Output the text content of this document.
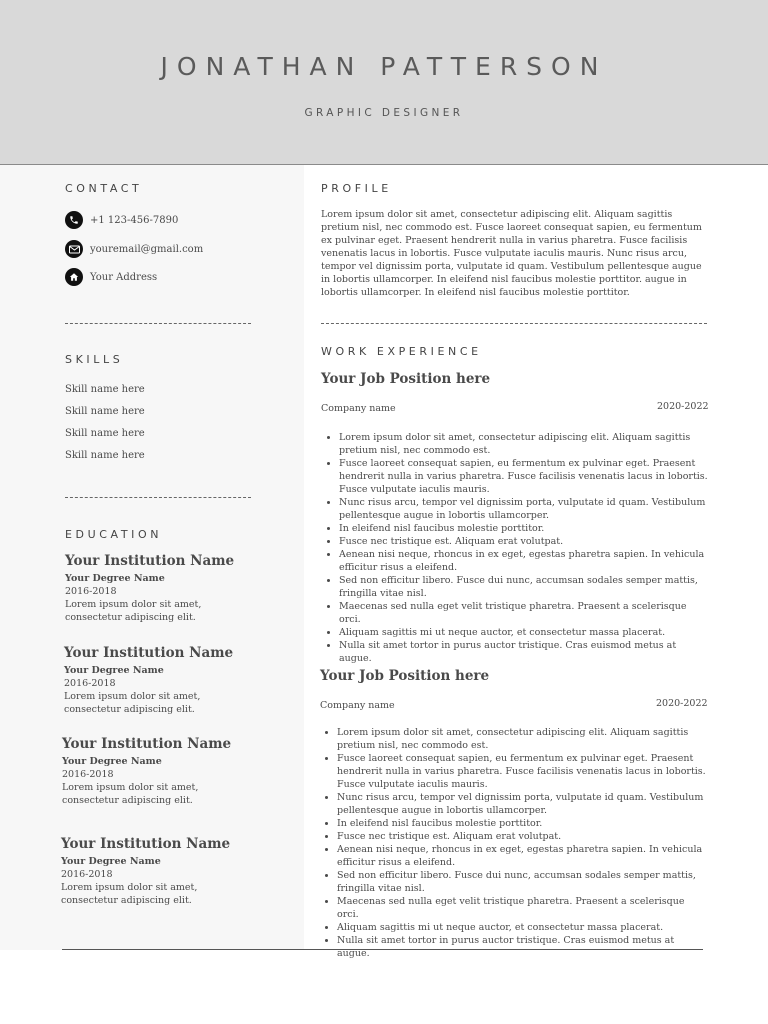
JONATHAN PATTERSON
GRAPHIC DESIGNER
CONTACT
+1 123-456-7890
youremail@gmail.com
Your Address
SKILLS
Skill name here
Skill name here
Skill name here
Skill name here
EDUCATION
Your Institution Name
Your Degree Name
2016-2018
Lorem ipsum dolor sit amet, consectetur adipiscing elit.
Your Institution Name
Your Degree Name
2016-2018
Lorem ipsum dolor sit amet, consectetur adipiscing elit.
Your Institution Name
Your Degree Name
2016-2018
Lorem ipsum dolor sit amet, consectetur adipiscing elit.
Your Institution Name
Your Degree Name
2016-2018
Lorem ipsum dolor sit amet, consectetur adipiscing elit.
PROFILE
Lorem ipsum dolor sit amet, consectetur adipiscing elit. Aliquam sagittis pretium nisl, nec commodo est. Fusce laoreet consequat sapien, eu fermentum ex pulvinar eget. Praesent hendrerit nulla in varius pharetra. Fusce facilisis venenatis lacus in lobortis. Fusce vulputate iaculis mauris. Nunc risus arcu, tempor vel dignissim porta, vulputate id quam. Vestibulum pellentesque augue in lobortis ullamcorper. In eleifend nisl faucibus molestie porttitor. augue in lobortis ullamcorper. In eleifend nisl faucibus molestie porttitor.
WORK EXPERIENCE
Your Job Position here
Company name	2020-2022
• Lorem ipsum dolor sit amet, consectetur adipiscing elit. Aliquam sagittis pretium nisl, nec commodo est.
• Fusce laoreet consequat sapien, eu fermentum ex pulvinar eget. Praesent hendrerit nulla in varius pharetra. Fusce facilisis venenatis lacus in lobortis. Fusce vulputate iaculis mauris.
• Nunc risus arcu, tempor vel dignissim porta, vulputate id quam. Vestibulum pellentesque augue in lobortis ullamcorper.
• In eleifend nisl faucibus molestie porttitor.
• Fusce nec tristique est. Aliquam erat volutpat.
• Aenean nisi neque, rhoncus in ex eget, egestas pharetra sapien. In vehicula efficitur risus a eleifend.
• Sed non efficitur libero. Fusce dui nunc, accumsan sodales semper mattis, fringilla vitae nisl.
• Maecenas sed nulla eget velit tristique pharetra. Praesent a scelerisque orci.
• Aliquam sagittis mi ut neque auctor, et consectetur massa placerat.
• Nulla sit amet tortor in purus auctor tristique. Cras euismod metus at augue.
Your Job Position here
Company name	2020-2022
• Lorem ipsum dolor sit amet, consectetur adipiscing elit. Aliquam sagittis pretium nisl, nec commodo est.
• Fusce laoreet consequat sapien, eu fermentum ex pulvinar eget. Praesent hendrerit nulla in varius pharetra. Fusce facilisis venenatis lacus in lobortis. Fusce vulputate iaculis mauris.
• Nunc risus arcu, tempor vel dignissim porta, vulputate id quam. Vestibulum pellentesque augue in lobortis ullamcorper.
• In eleifend nisl faucibus molestie porttitor.
• Fusce nec tristique est. Aliquam erat volutpat.
• Aenean nisi neque, rhoncus in ex eget, egestas pharetra sapien. In vehicula efficitur risus a eleifend.
• Sed non efficitur libero. Fusce dui nunc, accumsan sodales semper mattis, fringilla vitae nisl.
• Maecenas sed nulla eget velit tristique pharetra. Praesent a scelerisque orci.
• Aliquam sagittis mi ut neque auctor, et consectetur massa placerat.
• Nulla sit amet tortor in purus auctor tristique. Cras euismod metus at augue.
